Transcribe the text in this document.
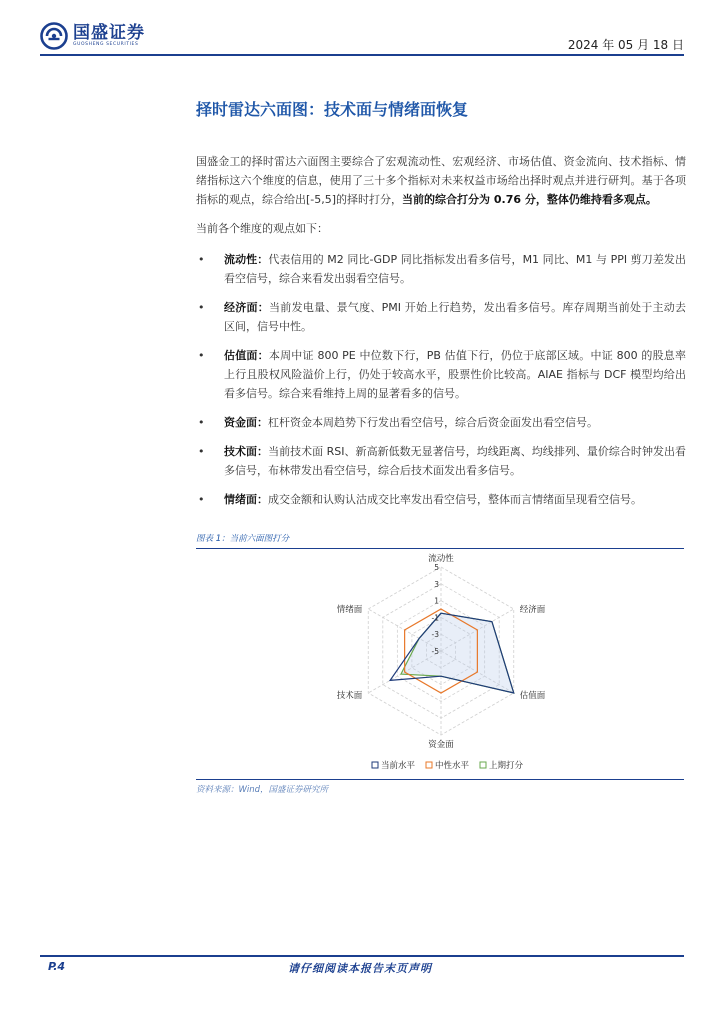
国盛证券
GUOSHENG SECURITIES	2024 年 05 月 18 日
择时雷达六面图：技术面与情绪面恢复

国盛金工的择时雷达六面图主要综合了宏观流动性、宏观经济、市场估值、资金流向、技术指标、情绪指标这六个维度的信息，使用了三十多个指标对未来权益市场给出择时观点并进行研判。基于各项指标的观点，综合给出[-5,5]的择时打分，当前的综合打分为 0.76 分，整体仍维持看多观点。

当前各个维度的观点如下：

• 流动性：代表信用的 M2 同比-GDP 同比指标发出看多信号，M1 同比、M1 与 PPI 剪刀差发出看空信号，综合来看发出弱看空信号。
• 经济面：当前发电量、景气度、PMI 开始上行趋势，发出看多信号。库存周期当前处于主动去区间，信号中性。
• 估值面：本周中证 800 PE 中位数下行，PB 估值下行，仍位于底部区域。中证 800 的股息率上行且股权风险溢价上行，仍处于较高水平，股票性价比较高。AIAE 指标与 DCF 模型均给出看多信号。综合来看维持上周的显著看多的信号。
• 资金面：杠杆资金本周趋势下行发出看空信号，综合后资金面发出看空信号。
• 技术面：当前技术面 RSI、新高新低数无显著信号，均线距离、均线排列、量价综合时钟发出看多信号，布林带发出看空信号，综合后技术面发出看多信号。
• 情绪面：成交金额和认购认沽成交比率发出看空信号，整体而言情绪面呈现看空信号。
图表 1：当前六面图打分
5
3
1
-1
-3
-5
流动性
经济面
估值面
资金面
技术面
情绪面
当前水平 中性水平 上期打分
资料来源：Wind，国盛证券研究所
P.4	请仔细阅读本报告末页声明
